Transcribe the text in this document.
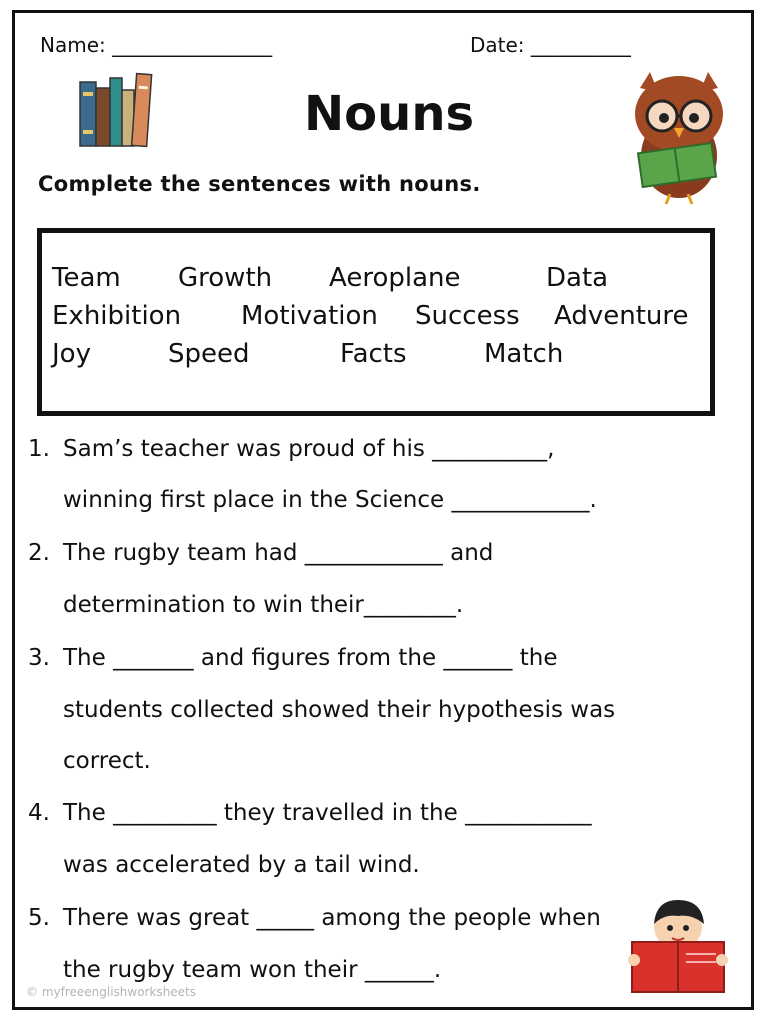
Name: ________________	Date: __________
Nouns
Complete the sentences with nouns.
Team Growth Aeroplane	Data
Exhibition Motivation Success Adventure
Joy	Speed	Facts	Match
1. Sam’s teacher was proud of his __________,
winning first place in the Science ____________.
2. The rugby team had ____________ and
determination to win their________.
3. The _______ and figures from the ______ the
students collected showed their hypothesis was
correct.
4. The _________ they travelled in the ___________
was accelerated by a tail wind.
5. There was great _____ among the people when
the rugby team won their ______.
© myfreeenglishworksheets
